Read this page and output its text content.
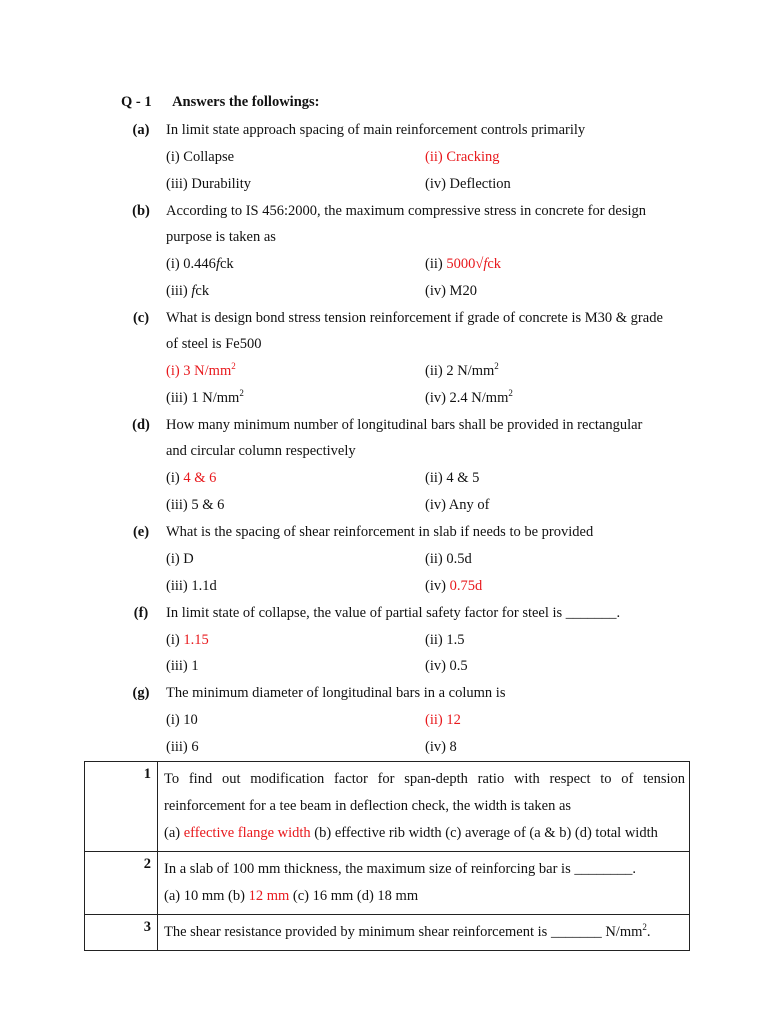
Q - 1 Answers the followings:
(a) In limit state approach spacing of main reinforcement controls primarily
(i) Collapse	(ii) Cracking
(iii) Durability	(iv) Deflection
(b) According to IS 456:2000, the maximum compressive stress in concrete for design
purpose is taken as
(i) 0.446fck	(ii) 5000√fck
(iii) fck	(iv) M20
(c) What is design bond stress tension reinforcement if grade of concrete is M30 & grade
of steel is Fe500
(i) 3 $N/mm^2$	(ii) 2 $N/mm^2$
(iii) 1 $N/mm^2$	(iv) 2.4 $N/mm^2$
(d) How many minimum number of longitudinal bars shall be provided in rectangular
and circular column respectively
(i) 4 & 6	(ii) 4 & 5
(iii) 5 & 6	(iv) Any of
(e) What is the spacing of shear reinforcement in slab if needs to be provided
(i) D	(ii) 0.5d
(iii) 1.1d	(iv) 0.75d
(f) In limit state of collapse, the value of partial safety factor for steel is _______.
(i) 1.15	(ii) 1.5
(iii) 1	(iv) 0.5
(g) The minimum diameter of longitudinal bars in a column is
(i) 10	(ii) 12
(iii) 6	(iv) 8
1	To find out modification factor for span-depth ratio with respect to of tension
reinforcement for a tee beam in deflection check, the width is taken as
(a) effective flange width (b) effective rib width (c) average of (a & b) (d) total width

2	In a slab of 100 mm thickness, the maximum size of reinforcing bar is ________.
(a) 10 mm (b) 12 mm (c) 16 mm (d) 18 mm

3	The shear resistance provided by minimum shear reinforcement is _______ $N/mm^2$.
